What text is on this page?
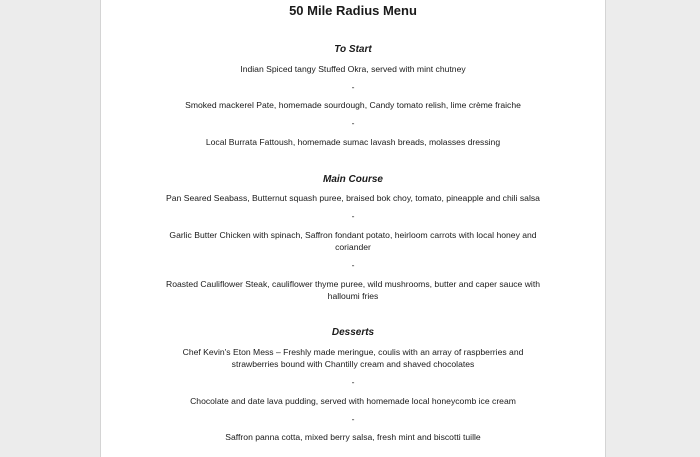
50 Mile Radius Menu
To Start

Indian Spiced tangy Stuffed Okra, served with mint chutney

-

Smoked mackerel Pate, homemade sourdough, Candy tomato relish, lime crème fraiche

-

Local Burrata Fattoush, homemade sumac lavash breads, molasses dressing

Main Course

Pan Seared Seabass, Butternut squash puree, braised bok choy, tomato, pineapple and chili salsa

-

Garlic Butter Chicken with spinach, Saffron fondant potato, heirloom carrots with local honey and coriander

-

Roasted Cauliflower Steak, cauliflower thyme puree, wild mushrooms, butter and caper sauce with halloumi fries

Desserts

Chef Kevin's Eton Mess – Freshly made meringue, coulis with an array of raspberries and strawberries bound with Chantilly cream and shaved chocolates

-

Chocolate and date lava pudding, served with homemade local honeycomb ice cream

-

Saffron panna cotta, mixed berry salsa, fresh mint and biscotti tuille
